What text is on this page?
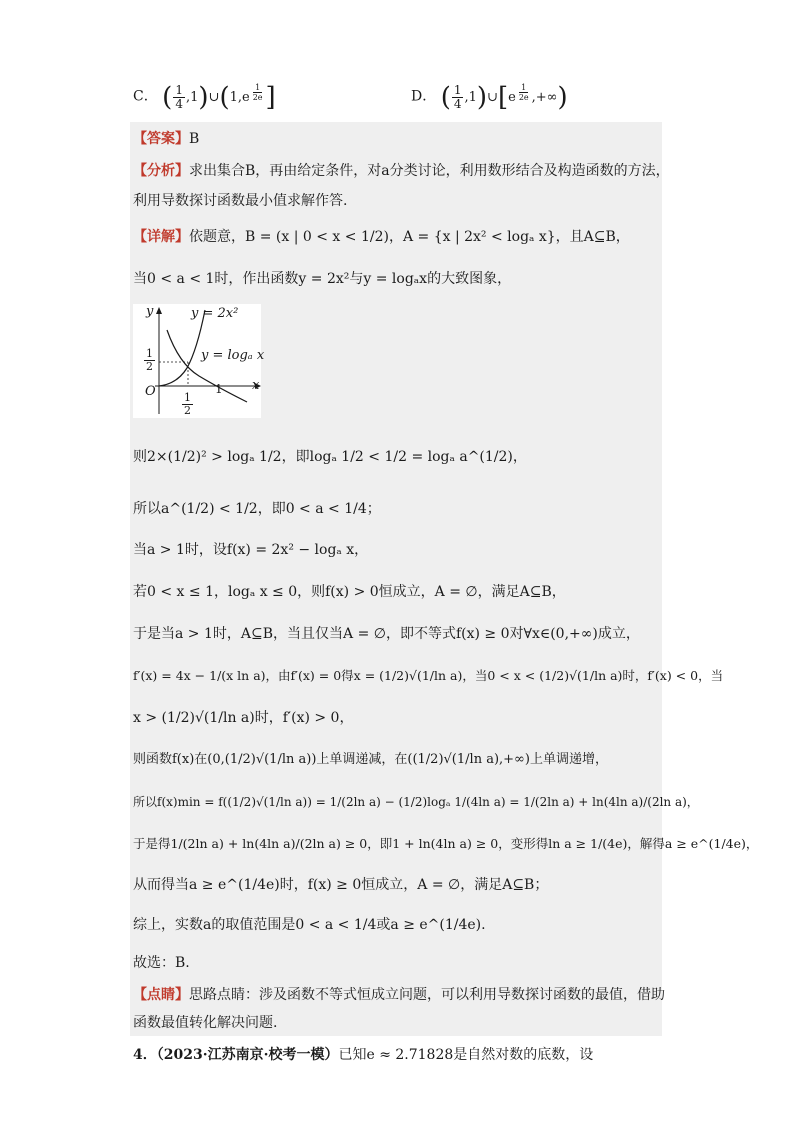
C． ( $\frac{1}{4}$ ,1)∪(1,e $^{\frac{1}{2e}}$ ]	D． ( $\frac{1}{4}$ ,1)∪[e $^{\frac{1}{2e}}$ ,+∞)
【答案】B
【分析】求出集合B，再由给定条件，对a分类讨论，利用数形结合及构造函数的方法，
利用导数探讨函数最小值求解作答.
【详解】依题意，B = (x | 0 < x < 1/2)，A = {x | 2x² < logₐ x}，且A⊆B，
当0 < a < 1时，作出函数y = 2x²与y = logₐx的大致图象，
y = 2x²
y = logₐ x
y
x
O
$\frac{1}{2}$
$\frac{1}{2}$
1
则2×(1/2)² > logₐ 1/2，即logₐ 1/2 < 1/2 = logₐ a^(1/2)，
所以a^(1/2) < 1/2，即0 < a < 1/4；
当a > 1时，设f(x) = 2x² − logₐ x，
若0 < x ≤ 1，logₐ x ≤ 0，则f(x) > 0恒成立，A = ∅，满足A⊆B，
于是当a > 1时，A⊆B，当且仅当A = ∅，即不等式f(x) ≥ 0对∀x∈(0,+∞)成立，
f′(x) = 4x − 1/(x ln a)，由f′(x) = 0得x = (1/2)√(1/ln a)，当0 < x < (1/2)√(1/ln a)时，f′(x) < 0，当
x > (1/2)√(1/ln a)时，f′(x) > 0，
则函数f(x)在(0,(1/2)√(1/ln a))上单调递减，在((1/2)√(1/ln a),+∞)上单调递增，
所以f(x)min = f((1/2)√(1/ln a)) = 1/(2ln a) − (1/2)logₐ 1/(4ln a) = 1/(2ln a) + ln(4ln a)/(2ln a)，
于是得1/(2ln a) + ln(4ln a)/(2ln a) ≥ 0，即1 + ln(4ln a) ≥ 0，变形得ln a ≥ 1/(4e)，解得a ≥ e^(1/4e)，
从而得当a ≥ e^(1/4e)时，f(x) ≥ 0恒成立，A = ∅，满足A⊆B；
综上，实数a的取值范围是0 < a < 1/4或a ≥ e^(1/4e).
故选：B.
【点睛】思路点睛：涉及函数不等式恒成立问题，可以利用导数探讨函数的最值，借助
函数最值转化解决问题.
4．（2023·江苏南京·校考一模）已知e ≈ 2.71828是自然对数的底数，设
